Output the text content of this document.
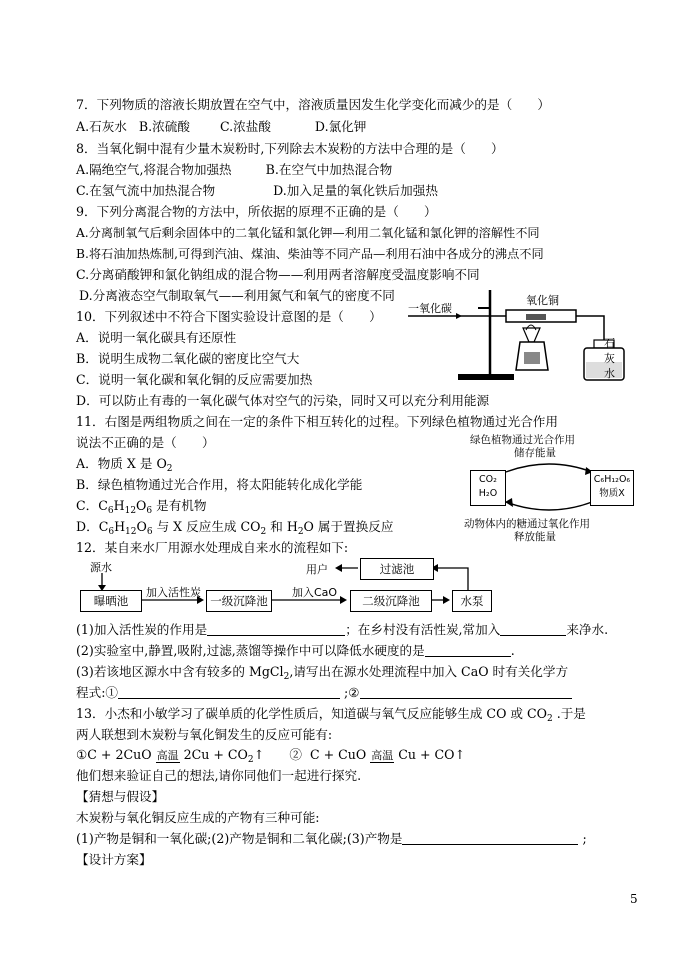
7．下列物质的溶液长期放置在空气中，溶液质量因发生化学变化而减少的是（　　）
A.石灰水 B.浓硫酸 C.浓盐酸	D.氯化钾
8．当氧化铜中混有少量木炭粉时,下列除去木炭粉的方法中合理的是（　　）
A.隔绝空气,将混合物加强热	B.在空气中加热混合物
C.在氢气流中加热混合物	D.加入足量的氧化铁后加强热
9．下列分离混合物的方法中，所依据的原理不正确的是（　　）
A.分离制氧气后剩余固体中的二氧化锰和氯化钾—利用二氧化锰和氯化钾的溶解性不同
B.将石油加热炼制,可得到汽油、煤油、柴油等不同产品—利用石油中各成分的沸点不同
C.分离硝酸钾和氯化钠组成的混合物——利用两者溶解度受温度影响不同
D.分离液态空气制取氧气——利用氮气和氧气的密度不同
10．下列叙述中不符合下图实验设计意图的是（　　）
A．说明一氧化碳具有还原性
B．说明生成物二氧化碳的密度比空气大
C．说明一氧化碳和氧化铜的反应需要加热
D．可以防止有毒的一氧化碳气体对空气的污染，同时又可以充分利用能源
一氧化碳
氧化铜
石
灰
水
11．右图是两组物质之间在一定的条件下相互转化的过程。下列绿色植物通过光合作用
说法不正确的是（　　）
A．物质 X 是 $O_2$
B．绿色植物通过光合作用，将太阳能转化成化学能
C．$C_6H_{12}O_6$ 是有机物
D．$C_6H_{12}O_6$ 与 X 反应生成 $CO_2$ 和 $H_2O$ 属于置换反应
绿色植物通过光合作用
储存能量
CO₂
H₂O
C₆H₁₂O₆
物质X
动物体内的糖通过氧化作用
释放能量
12．某自来水厂用源水处理成自来水的流程如下:
源水
曝晒池
加入活性炭
一级沉降池
加入CaO
二级沉降池	水泵
过滤池
用户
(1)加入活性炭的作用是	；在乡村没有活性炭,常加入	来净水.
(2)实验室中,静置,吸附,过滤,蒸馏等操作中可以降低水硬度的是	.
(3)若该地区源水中含有较多的 MgCl$_2$,请写出在源水处理流程中加入 CaO 时有关化学方
程式:①	;②
13．小杰和小敏学习了碳单质的化学性质后，知道碳与氧气反应能够生成 CO 或 $CO_2$ .于是
两人联想到木炭粉与氧化铜发生的反应可能有:
①C + 2CuO 高温 $2Cu + CO_2↑$　　②  C + CuO 高温 Cu + CO↑
他们想来验证自己的想法,请你同他们一起进行探究.
【猜想与假设】
木炭粉与氧化铜反应生成的产物有三种可能:
(1)产物是铜和一氧化碳;(2)产物是铜和二氧化碳;(3)产物是	;
【设计方案】
5
